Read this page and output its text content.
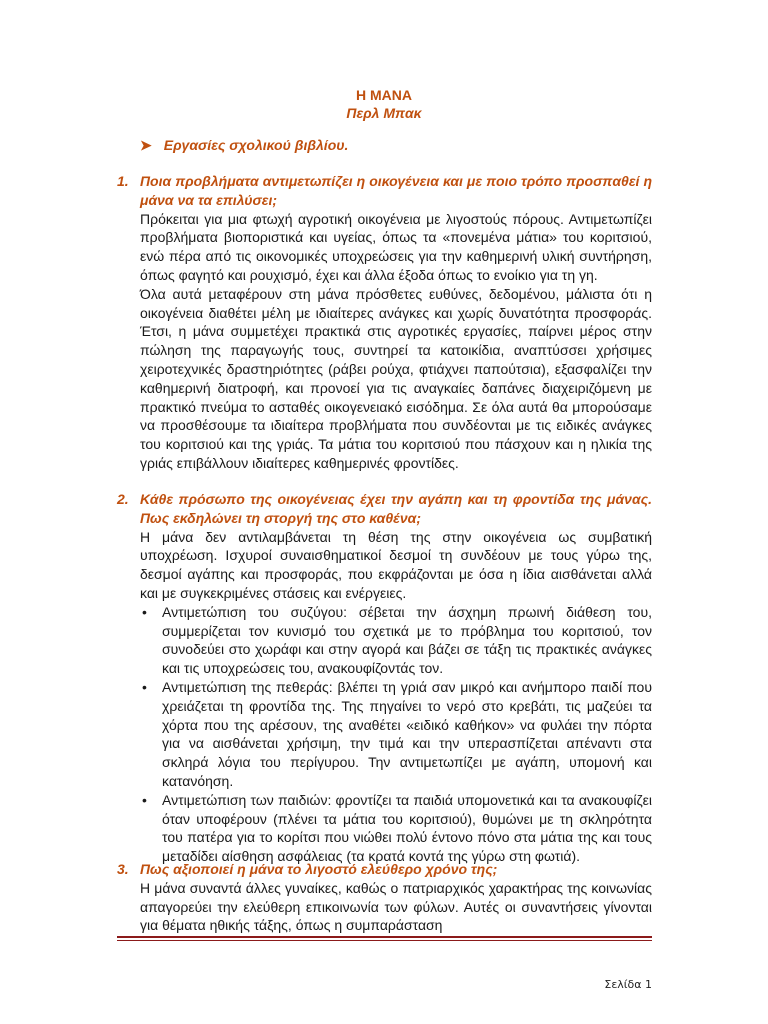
Η ΜΑΝΑ
Περλ Μπακ
➤ Εργασίες σχολικού βιβλίου.
1. Ποια προβλήματα αντιμετωπίζει η οικογένεια και με ποιο τρόπο προσπαθεί η μάνα να τα επιλύσει;

Πρόκειται για μια φτωχή αγροτική οικογένεια με λιγοστούς πόρους. Αντιμετωπίζει προβλήματα βιοποριστικά και υγείας, όπως τα «πονεμένα μάτια» του κοριτσιού, ενώ πέρα από τις οικονομικές υποχρεώσεις για την καθημερινή υλική συντήρηση, όπως φαγητό και ρουχισμό, έχει και άλλα έξοδα όπως το ενοίκιο για τη γη.

Όλα αυτά μεταφέρουν στη μάνα πρόσθετες ευθύνες, δεδομένου, μάλιστα ότι η οικογένεια διαθέτει μέλη με ιδιαίτερες ανάγκες και χωρίς δυνατότητα προσφοράς. Έτσι, η μάνα συμμετέχει πρακτικά στις αγροτικές εργασίες, παίρνει μέρος στην πώληση της παραγωγής τους, συντηρεί τα κατοικίδια, αναπτύσσει χρήσιμες χειροτεχνικές δραστηριότητες (ράβει ρούχα, φτιάχνει παπούτσια), εξασφαλίζει την καθημερινή διατροφή, και προνοεί για τις αναγκαίες δαπάνες διαχειριζόμενη με πρακτικό πνεύμα το ασταθές οικογενειακό εισόδημα. Σε όλα αυτά θα μπορούσαμε να προσθέσουμε τα ιδιαίτερα προβλήματα που συνδέονται με τις ειδικές ανάγκες του κοριτσιού και της γριάς. Τα μάτια του κοριτσιού που πάσχουν και η ηλικία της γριάς επιβάλλουν ιδιαίτερες καθημερινές φροντίδες.

2. Κάθε πρόσωπο της οικογένειας έχει την αγάπη και τη φροντίδα της μάνας. Πως εκδηλώνει τη στοργή της στο καθένα;

Η μάνα δεν αντιλαμβάνεται τη θέση της στην οικογένεια ως συμβατική υποχρέωση. Ισχυροί συναισθηματικοί δεσμοί τη συνδέουν με τους γύρω της, δεσμοί αγάπης και προσφοράς, που εκφράζονται με όσα η ίδια αισθάνεται αλλά και με συγκεκριμένες στάσεις και ενέργειες.

• Αντιμετώπιση του συζύγου: σέβεται την άσχημη πρωινή διάθεση του, συμμερίζεται τον κυνισμό του σχετικά με το πρόβλημα του κοριτσιού, τον συνοδεύει στο χωράφι και στην αγορά και βάζει σε τάξη τις πρακτικές ανάγκες και τις υποχρεώσεις του, ανακουφίζοντάς τον.
• Αντιμετώπιση της πεθεράς: βλέπει τη γριά σαν μικρό και ανήμπορο παιδί που χρειάζεται τη φροντίδα της. Της πηγαίνει το νερό στο κρεβάτι, τις μαζεύει τα χόρτα που της αρέσουν, της αναθέτει «ειδικό καθήκον» να φυλάει την πόρτα για να αισθάνεται χρήσιμη, την τιμά και την υπερασπίζεται απέναντι στα σκληρά λόγια του περίγυρου. Την αντιμετωπίζει με αγάπη, υπομονή και κατανόηση.
• Αντιμετώπιση των παιδιών: φροντίζει τα παιδιά υπομονετικά και τα ανακουφίζει όταν υποφέρουν (πλένει τα μάτια του κοριτσιού), θυμώνει με τη σκληρότητα του πατέρα για το κορίτσι που νιώθει πολύ έντονο πόνο στα μάτια της και τους μεταδίδει αίσθηση ασφάλειας (τα κρατά κοντά της γύρω στη φωτιά).
3. Πως αξιοποιεί η μάνα το λιγοστό ελεύθερο χρόνο της;

Η μάνα συναντά άλλες γυναίκες, καθώς ο πατριαρχικός χαρακτήρας της κοινωνίας απαγορεύει την ελεύθερη επικοινωνία των φύλων. Αυτές οι συναντήσεις γίνονται για θέματα ηθικής τάξης, όπως η συμπαράσταση

Σελίδα 1
